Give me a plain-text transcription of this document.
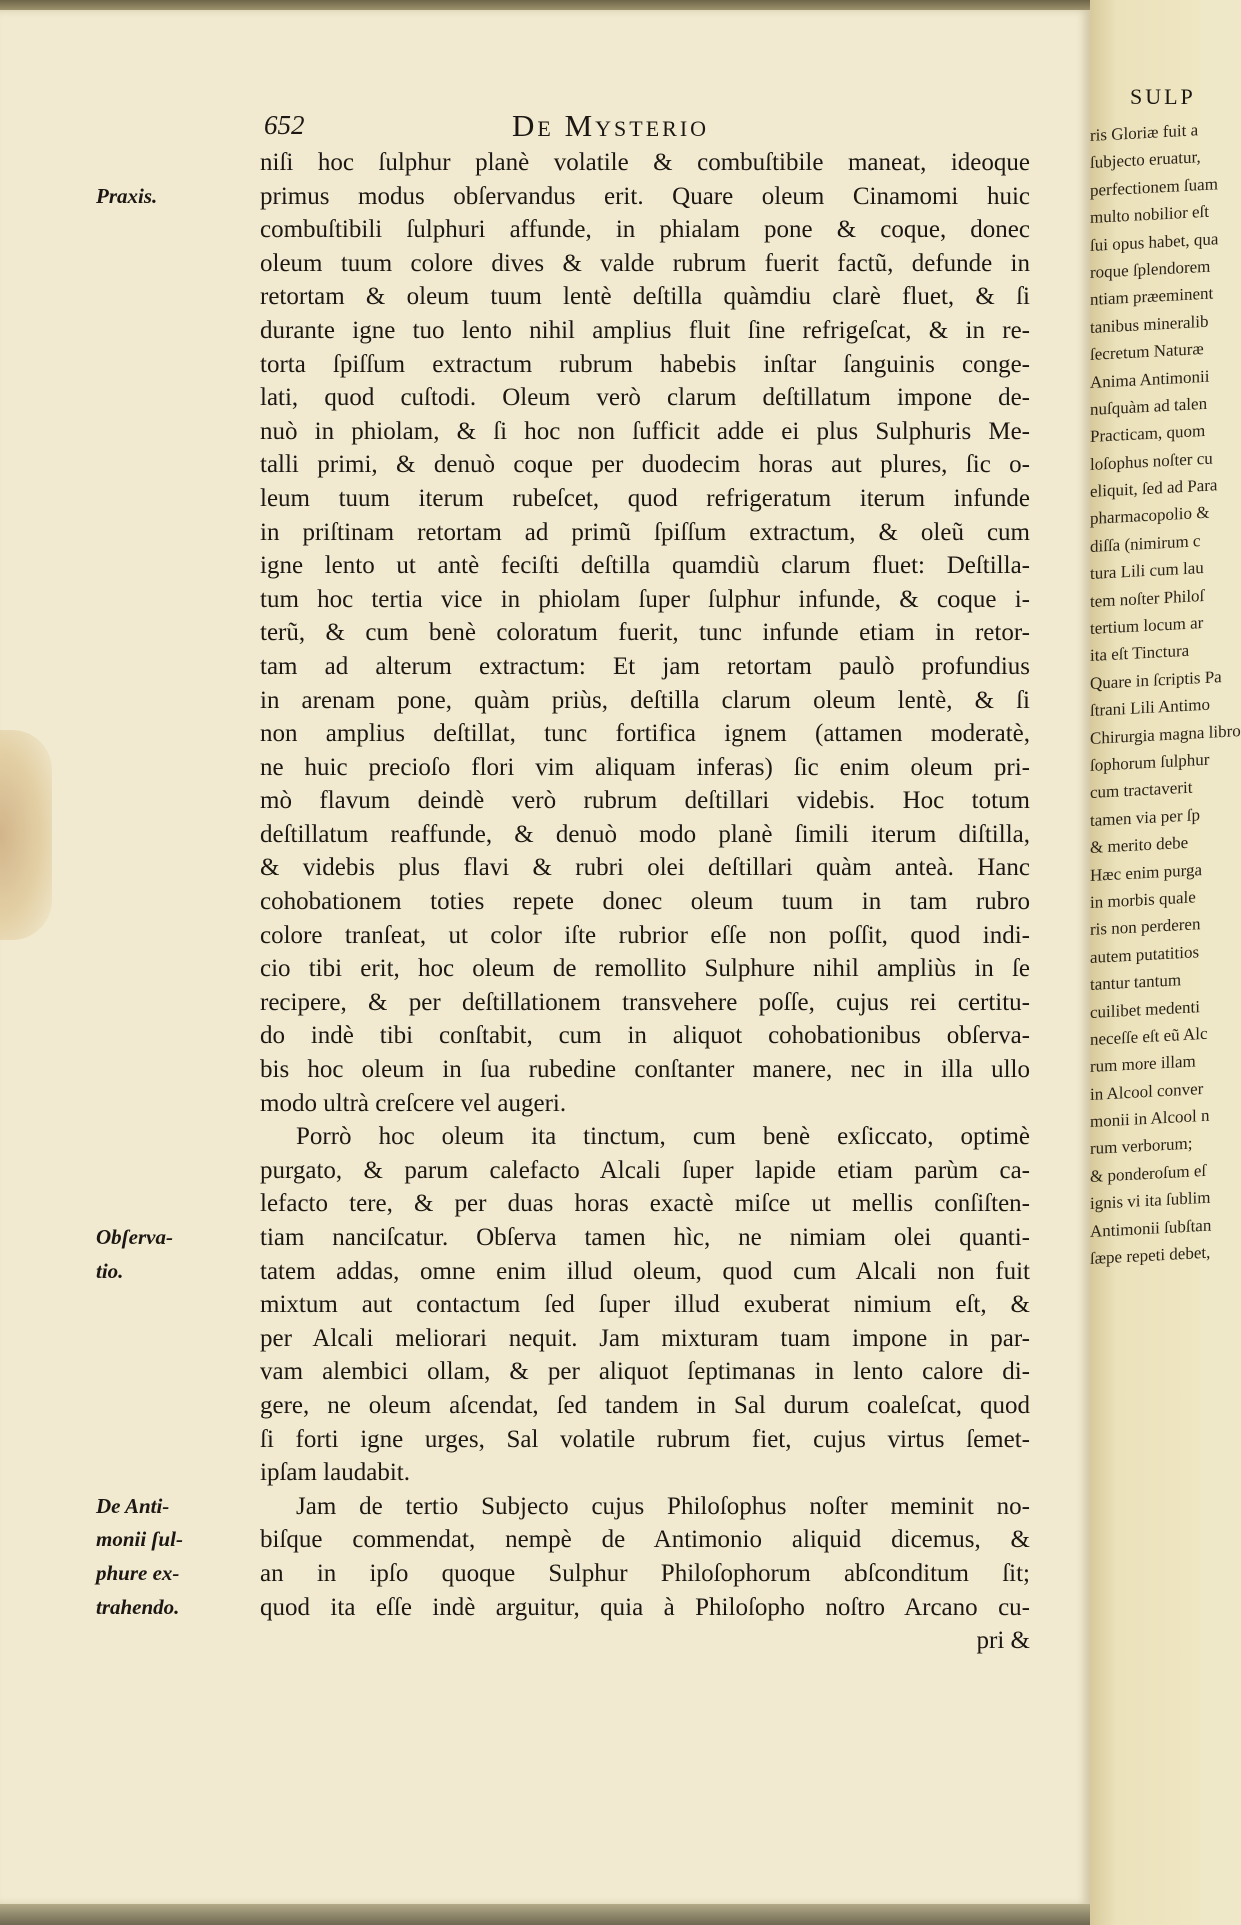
652	De Mysterio
niſi hoc ſulphur planè volatile & combuſtibile maneat, ideoque
Praxis.	primus modus obſervandus erit. Quare oleum Cinamomi huic
combuſtibili ſulphuri affunde, in phialam pone & coque, donec
oleum tuum colore dives & valde rubrum fuerit factũ, defunde in
retortam & oleum tuum lentè deſtilla quàmdiu clarè fluet, & ſi
durante igne tuo lento nihil amplius fluit ſine refrigeſcat, & in re-
torta ſpiſſum extractum rubrum habebis inſtar ſanguinis conge-
lati, quod cuſtodi. Oleum verò clarum deſtillatum impone de-
nuò in phiolam, & ſi hoc non ſufficit adde ei plus Sulphuris Me-
talli primi, & denuò coque per duodecim horas aut plures, ſic o-
leum tuum iterum rubeſcet, quod refrigeratum iterum infunde
in priſtinam retortam ad primũ ſpiſſum extractum, & oleũ cum
igne lento ut antè feciſti deſtilla quamdiù clarum fluet: Deſtilla-
tum hoc tertia vice in phiolam ſuper ſulphur infunde, & coque i-
terũ, & cum benè coloratum fuerit, tunc infunde etiam in retor-
tam ad alterum extractum: Et jam retortam paulò profundius
in arenam pone, quàm priùs, deſtilla clarum oleum lentè, & ſi
non amplius deſtillat, tunc fortifica ignem (attamen moderatè,
ne huic precioſo flori vim aliquam inferas) ſic enim oleum pri-
mò flavum deindè verò rubrum deſtillari videbis. Hoc totum
deſtillatum reaffunde, & denuò modo planè ſimili iterum diſtilla,
& videbis plus flavi & rubri olei deſtillari quàm anteà. Hanc
cohobationem toties repete donec oleum tuum in tam rubro
colore tranſeat, ut color iſte rubrior eſſe non poſſit, quod indi-
cio tibi erit, hoc oleum de remollito Sulphure nihil ampliùs in ſe
recipere, & per deſtillationem transvehere poſſe, cujus rei certitu-
do indè tibi conſtabit, cum in aliquot cohobationibus obſerva-
bis hoc oleum in ſua rubedine conſtanter manere, nec in illa ullo
modo ultrà creſcere vel augeri.
Porrò hoc oleum ita tinctum, cum benè exſiccato, optimè
purgato, & parum calefacto Alcali ſuper lapide etiam parùm ca-
lefacto tere, & per duas horas exactè miſce ut mellis conſiſten-
Obſerva-	tiam nanciſcatur. Obſerva tamen hìc, ne nimiam olei quanti-
tio.	tatem addas, omne enim illud oleum, quod cum Alcali non fuit
mixtum aut contactum ſed ſuper illud exuberat nimium eſt, &
per Alcali meliorari nequit. Jam mixturam tuam impone in par-
vam alembici ollam, & per aliquot ſeptimanas in lento calore di-
gere, ne oleum aſcendat, ſed tandem in Sal durum coaleſcat, quod
ſi forti igne urges, Sal volatile rubrum fiet, cujus virtus ſemet-
ipſam laudabit.
De Anti-	Jam de tertio Subjecto cujus Philoſophus noſter meminit no-
monii ſul-	biſque commendat, nempè de Antimonio aliquid dicemus, &
phure ex-	an in ipſo quoque Sulphur Philoſophorum abſconditum ſit;
trahendo.	quod ita eſſe indè arguitur, quia à Philoſopho noſtro Arcano cu-
pri &
SULP
ris Gloriæ fuit a
ſubjecto eruatur,
perfectionem ſuam
multo nobilior eſt
ſui opus habet, qua
roque ſplendorem
ntiam præeminent
tanibus mineralib
ſecretum Naturæ
Anima Antimonii
nuſquàm ad talen
Practicam, quom
loſophus noſter cu
eliquit, ſed ad Para
pharmacopolio &
diſſa (nimirum c
tura Lili cum lau
tem noſter Philoſ
tertium locum ar
ita eſt Tinctura
Quare in ſcriptis Pa
ſtrani Lili Antimo
Chirurgia magna libro
ſophorum ſulphur
cum tractaverit
tamen via per ſp
& merito debe
Hæc enim purga
in morbis quale
ris non perderen
autem putatitios
tantur tantum
cuilibet medenti
neceſſe eſt eũ Alc
rum more illam
in Alcool conver
monii in Alcool n
rum verborum;
& ponderoſum eſ
ignis vi ita ſublim
Antimonii ſubſtan
ſæpe repeti debet,
